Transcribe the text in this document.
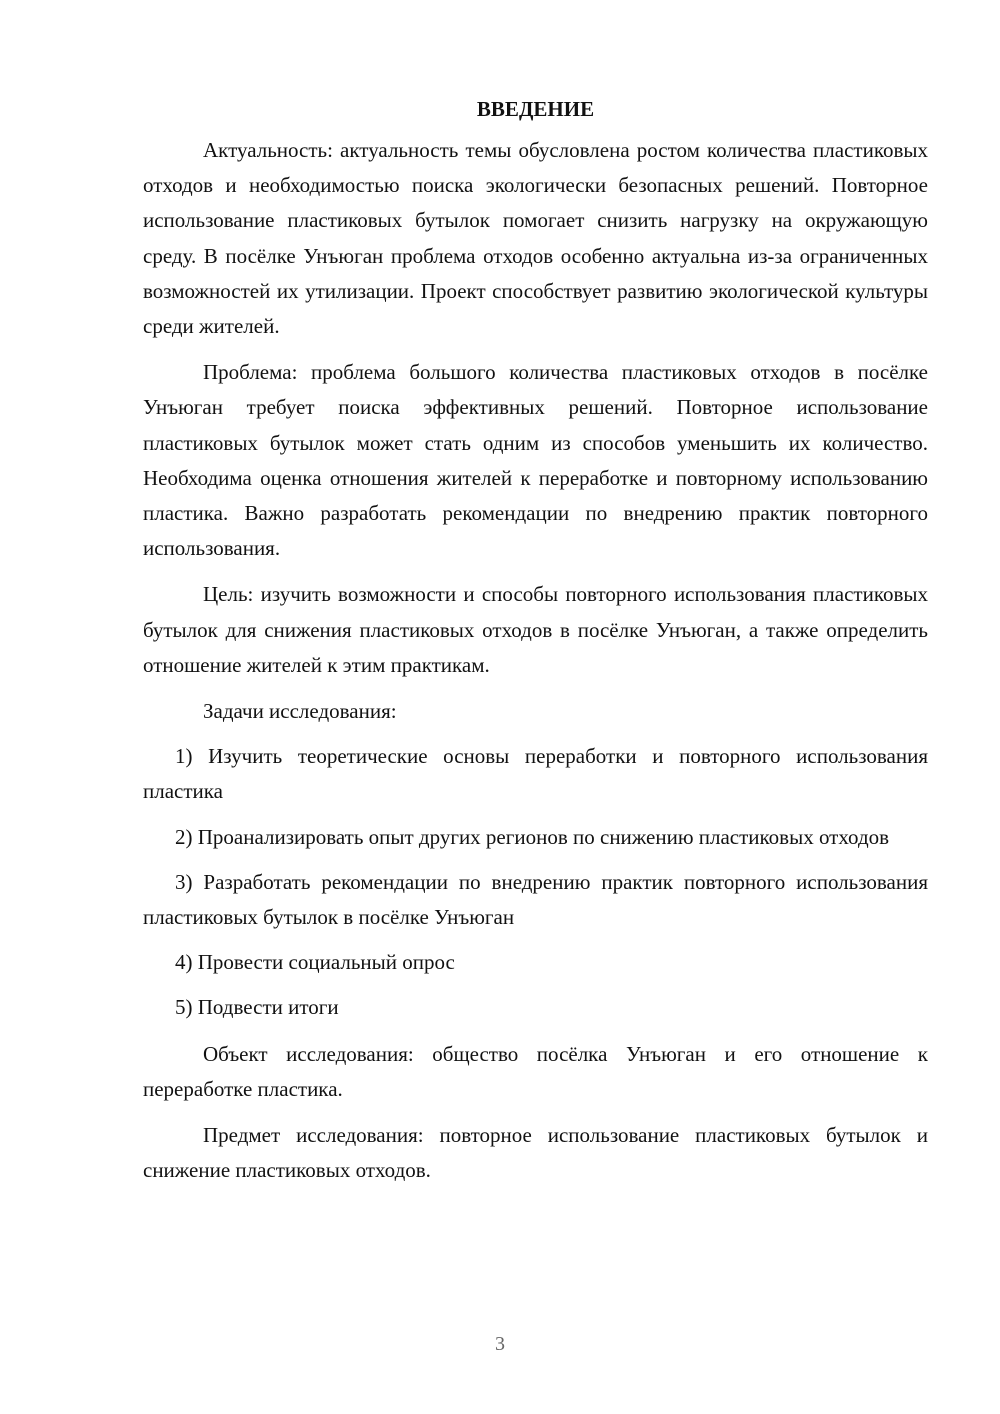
ВВЕДЕНИЕ

Актуальность: актуальность темы обусловлена ростом количества пластиковых отходов и необходимостью поиска экологически безопасных решений. Повторное использование пластиковых бутылок помогает снизить нагрузку на окружающую среду. В посёлке Унъюган проблема отходов особенно актуальна из-за ограниченных возможностей их утилизации. Проект способствует развитию экологической культуры среди жителей.

Проблема: проблема большого количества пластиковых отходов в посёлке Унъюган требует поиска эффективных решений. Повторное использование пластиковых бутылок может стать одним из способов уменьшить их количество. Необходима оценка отношения жителей к переработке и повторному использованию пластика. Важно разработать рекомендации по внедрению практик повторного использования.

Цель: изучить возможности и способы повторного использования пластиковых бутылок для снижения пластиковых отходов в посёлке Унъюган, а также определить отношение жителей к этим практикам.

Задачи исследования:

1) Изучить теоретические основы переработки и повторного использования пластика

2) Проанализировать опыт других регионов по снижению пластиковых отходов

3) Разработать рекомендации по внедрению практик повторного использования пластиковых бутылок в посёлке Унъюган

4) Провести социальный опрос

5) Подвести итоги

Объект исследования: общество посёлка Унъюган и его отношение к переработке пластика.

Предмет исследования: повторное использование пластиковых бутылок и снижение пластиковых отходов.

3
